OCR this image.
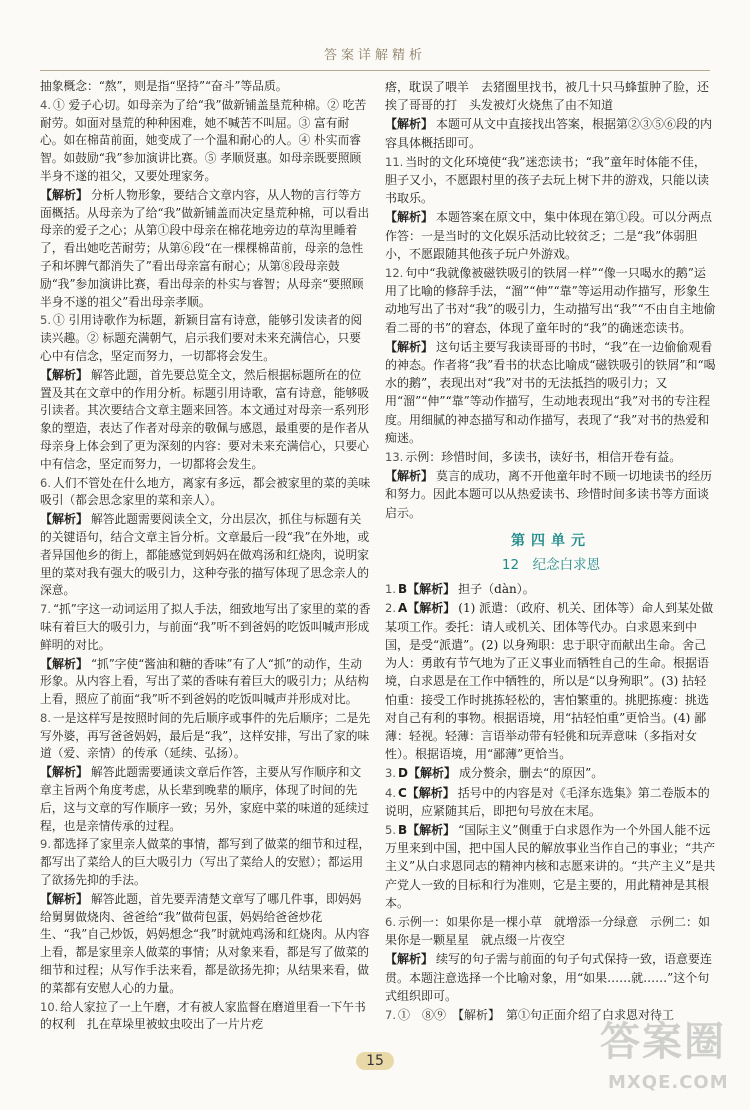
答案详解精析
抽象概念：“熬”，则是指“坚持”“奋斗”等品质。
4. ① 爱子心切。如母亲为了给“我”做新铺盖垦荒种棉。② 吃苦耐劳。如面对垦荒的种种困难，她不喊苦不叫屈。③ 富有耐心。如在棉苗前面，她变成了一个温和耐心的人。④ 朴实而睿智。如鼓励“我”参加演讲比赛。⑤ 孝顺贤惠。如母亲既要照顾半身不遂的祖父，又要处理家务。
【解析】 分析人物形象，要结合文章内容，从人物的言行等方面概括。从母亲为了给“我”做新铺盖而决定垦荒种棉，可以看出母亲的爱子之心；从第①段中母亲在棉花地旁边的草沟里睡着了，看出她吃苦耐劳；从第⑥段“在一棵棵棉苗前，母亲的急性子和坏脾气都消失了”看出母亲富有耐心；从第⑧段母亲鼓励“我”参加演讲比赛，看出母亲的朴实与睿智；从母亲“要照顾半身不遂的祖父”看出母亲孝顺。
5. ① 引用诗歌作为标题，新颖目富有诗意，能够引发读者的阅读兴趣。② 标题充满朝气，启示我们要对未来充满信心，只要心中有信念，坚定而努力，一切都将会发生。
【解析】 解答此题，首先要总览全文，然后根据标题所在的位置及其在文章中的作用分析。标题引用诗歌，富有诗意，能够吸引读者。其次要结合文章主题来回答。本文通过对母亲一系列形象的塑造，表达了作者对母亲的敬佩与感恩，最重要的是作者从母亲身上体会到了更为深刻的内容：要对未来充满信心，只要心中有信念，坚定而努力，一切都将会发生。
6. 人们不管处在什么地方，离家有多远，都会被家里的菜的美味吸引（都会思念家里的菜和亲人）。
【解析】 解答此题需要阅读全文，分出层次，抓住与标题有关的关键语句，结合文章主旨分析。文章最后一段“我”在外地，或者异国他乡的街上，都能感觉到妈妈在做鸡汤和红烧肉，说明家里的菜对我有强大的吸引力，这种夸张的描写体现了思念亲人的深意。
7. “抓”字这一动词运用了拟人手法，细致地写出了家里的菜的香味有着巨大的吸引力，与前面“我”听不到爸妈的吃饭叫喊声形成鲜明的对比。
【解析】 “抓”字使“酱油和糖的香味”有了人“抓”的动作，生动形象。从内容上看，写出了菜的香味有着巨大的吸引力；从结构上看，照应了前面“我”听不到爸妈的吃饭叫喊声并形成对比。
8. 一是这样写是按照时间的先后顺序或事件的先后顺序；二是先写外婆，再写爸爸妈妈，最后是“我”，这样安排，写出了家的味道（爱、亲情）的传承（延续、弘扬）。
【解析】 解答此题需要通读文章后作答，主要从写作顺序和文章主旨两个角度考虑，从长辈到晚辈的顺序，体现了时间的先后，这与文章的写作顺序一致；另外，家庭中菜的味道的延续过程，也是亲情传承的过程。
9. 都选择了家里亲人做菜的事情，都写到了做菜的细节和过程，都写出了菜给人的巨大吸引力（写出了菜给人的安慰）；都运用了欲扬先抑的手法。
【解析】 解答此题，首先要弄清楚文章写了哪几件事，即妈妈给舅舅做烧肉、爸爸给“我”做荷包蛋，妈妈给爸爸炒花生、“我”自己炒饭，妈妈想念“我”时就炖鸡汤和红烧肉。从内容上看，都是家里亲人做菜的事情；从对象来看，都是写了做菜的细节和过程；从写作手法来看，都是欲扬先抑；从结果来看，做的菜都有安慰人心的力量。
10. 给人家拉了一上午磨，才有被人家监督在磨道里看一下午书的权利　扎在草垛里被蚊虫咬出了一片片疙
瘩，耽误了喂羊　去猪圈里找书，被几十只马蜂蜇肿了脸，还挨了哥哥的打　头发被灯火烧焦了由不知道
【解析】 本题可从文中直接找出答案，根据第②③⑤⑥段的内容具体概括即可。
11. 当时的文化环境使“我”迷恋读书；“我”童年时体能不佳，胆子又小，不愿跟村里的孩子去玩上树下井的游戏，只能以读书取乐。
【解析】 本题答案在原文中，集中体现在第①段。可以分两点作答：一是当时的文化娱乐活动比较贫乏；二是“我”体弱胆小，不愿跟随其他孩子玩户外游戏。
12. 句中“我就像被磁铁吸引的铁屑一样”“像一只喝水的鹅”运用了比喻的修辞手法，“溜”“伸”“靠”等运用动作描写，形象生动地写出了书对“我”的吸引力，生动描写出“我”“不由自主地偷看二哥的书”的窘态，体现了童年时的“我”的确迷恋读书。
【解析】 这句话主要写我读哥哥的书时，“我”在一边偷偷观看的神态。作者将“我”看书的状态比喻成“磁铁吸引的铁屑”和“喝水的鹅”，表现出对“我”对书的无法抵挡的吸引力；又用“溜”“伸”“靠”等动作描写，生动地表现出“我”对书的专注程度。用细腻的神态描写和动作描写，表现了“我”对书的热爱和痴迷。
13. 示例：珍惜时间，多读书，读好书，相信开卷有益。
【解析】 莫言的成功，离不开他童年时不顾一切地读书的经历和努力。因此本题可以从热爱读书、珍惜时间多读书等方面谈启示。
第四单元
12　纪念白求恩
1. B【解析】 担子（dàn）。
2. A【解析】 (1) 派遣：（政府、机关、团体等）命人到某处做某项工作。委托：请人或机关、团体等代办。白求恩来到中国，是受“派遣”。(2) 以身殉职：忠于职守而献出生命。舍己为人：勇敢有节气地为了正义事业而牺牲自己的生命。根据语境，白求恩是在工作中牺牲的，所以是“以身殉职”。(3) 拈轻怕重：接受工作时挑拣轻松的，害怕繁重的。挑肥拣瘦：挑选对自己有利的事物。根据语境，用“拈轻怕重”更恰当。(4) 鄙薄：轻视。轻薄：言语举动带有轻佻和玩弄意味（多指对女性）。根据语境，用“鄙薄”更恰当。
3. D【解析】 成分赘余，删去“的原因”。
4. C【解析】 括号中的内容是对《毛泽东选集》第二卷版本的说明，应紧随其后，即把句号放在末尾。
5. B【解析】 “国际主义”侧重于白求恩作为一个外国人能不远万里来到中国，把中国人民的解放事业当作自己的事业；“共产主义”从白求恩同志的精神内核和志愿来讲的。“共产主义”是共产党人一致的目标和行为准则，它是主要的，用此精神是其根本。
6. 示例一：如果你是一棵小草　就增添一分绿意　示例二：如果你是一颗星星　就点缀一片夜空
【解析】 续写的句子需与前面的句子句式保持一致，语意要连贯。本题注意选择一个比喻对象，用“如果……就……”这个句式组织即可。
7. ①　⑧⑨　【解析】　第①句正面介绍了白求恩对待工
15	答案圈
MXQE.COM
